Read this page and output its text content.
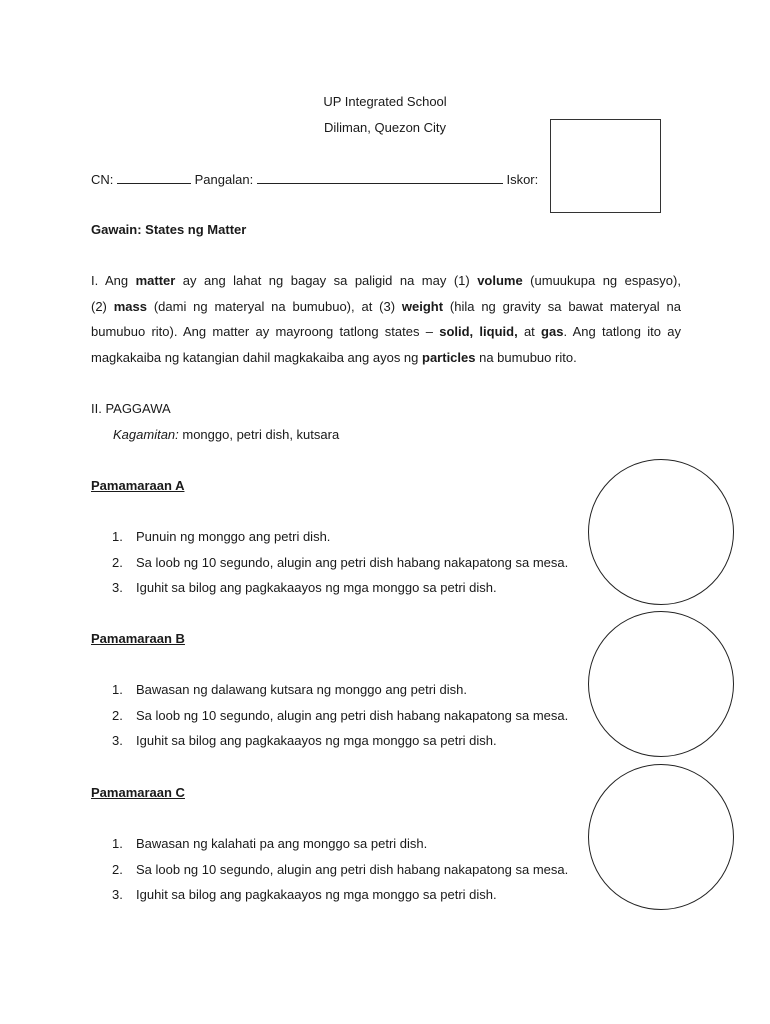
UP Integrated School
Diliman, Quezon City
CN:	Pangalan:	Iskor:
Gawain: States ng Matter
I. Ang matter ay ang lahat ng bagay sa paligid na may (1) volume (umuukupa ng espasyo),
(2) mass (dami ng materyal na bumubuo), at (3) weight (hila ng gravity sa bawat materyal na
bumubuo rito). Ang matter ay mayroong tatlong states – solid, liquid, at gas. Ang tatlong ito ay
magkakaiba ng katangian dahil magkakaiba ang ayos ng particles na bumubuo rito.
II. PAGGAWA
Kagamitan: monggo, petri dish, kutsara
Pamamaraan A
1. Punuin ng monggo ang petri dish.
2. Sa loob ng 10 segundo, alugin ang petri dish habang nakapatong sa mesa.
3. Iguhit sa bilog ang pagkakaayos ng mga monggo sa petri dish.
Pamamaraan B
1. Bawasan ng dalawang kutsara ng monggo ang petri dish.
2. Sa loob ng 10 segundo, alugin ang petri dish habang nakapatong sa mesa.
3. Iguhit sa bilog ang pagkakaayos ng mga monggo sa petri dish.
Pamamaraan C
1. Bawasan ng kalahati pa ang monggo sa petri dish.
2. Sa loob ng 10 segundo, alugin ang petri dish habang nakapatong sa mesa.
3. Iguhit sa bilog ang pagkakaayos ng mga monggo sa petri dish.
